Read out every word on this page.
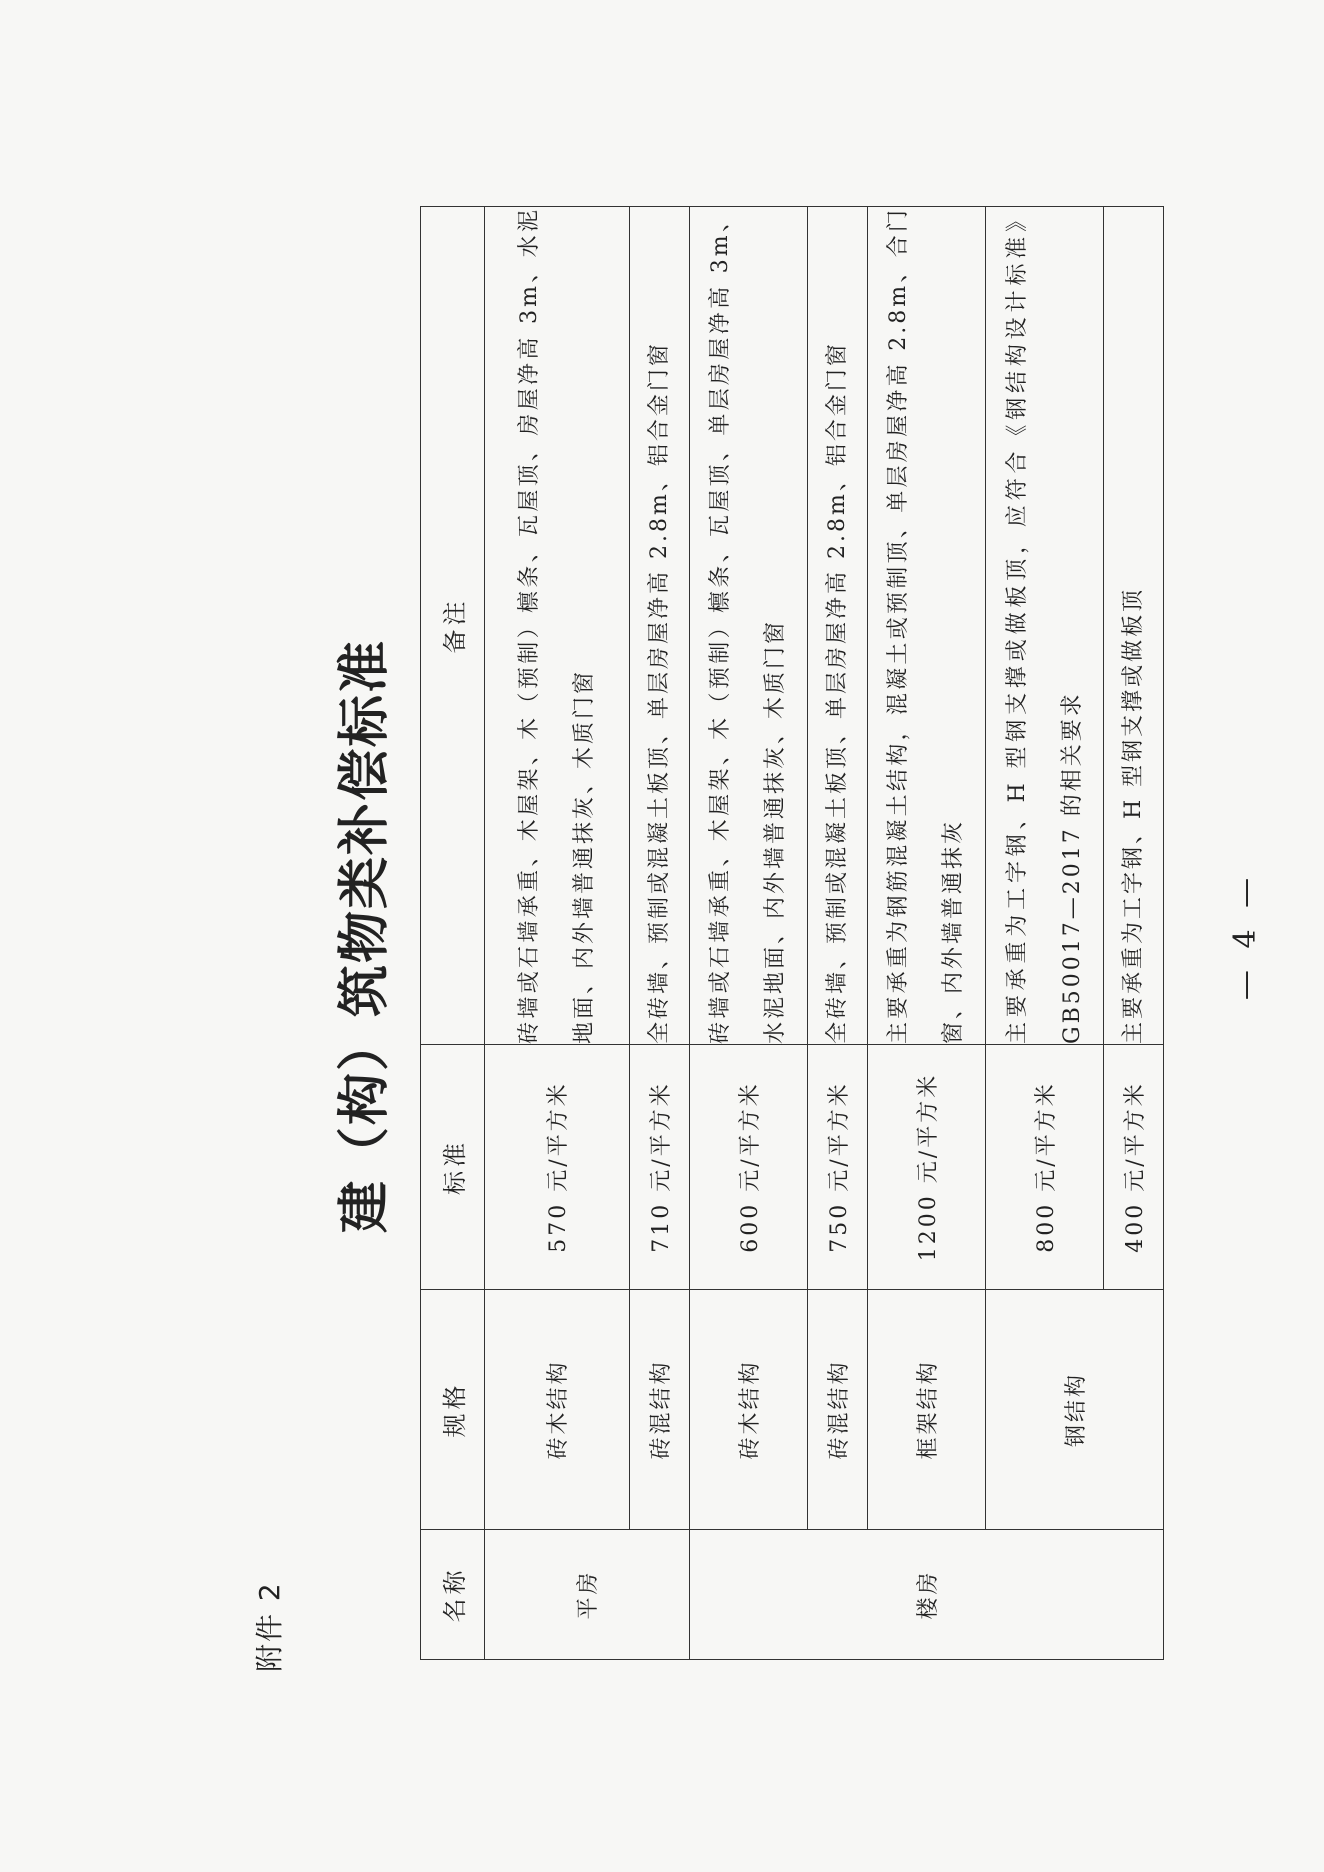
附件 2
建（构）筑物类补偿标准
名称	规格	标准	备注
平房	砖木结构	570 元/平方米	砖墙或石墙承重、木屋架、木（预制）檩条、瓦屋顶、房屋净高 3m、水泥地面、内外墙普通抹灰、木质门窗
	砖混结构	710 元/平方米	全砖墙、预制或混凝土板顶、单层房屋净高 2.8m、铝合金门窗
楼房	砖木结构	600 元/平方米	砖墙或石墙承重、木屋架、木（预制）檩条、瓦屋顶、单层房屋净高 3m、水泥地面、内外墙普通抹灰、木质门窗
	砖混结构	750 元/平方米	全砖墙、预制或混凝土板顶、单层房屋净高 2.8m、铝合金门窗
	框架结构	1200 元/平方米	主要承重为钢筋混凝土结构，混凝土或预制顶、单层房屋净高 2.8m、合门窗、内外墙普通抹灰
	钢结构	800 元/平方米	主要承重为工字钢、H 型钢支撑或做板顶，应符合《钢结构设计标准》GB50017—2017 的相关要求
		400 元/平方米	主要承重为工字钢、H 型钢支撑或做板顶	— 4 —
